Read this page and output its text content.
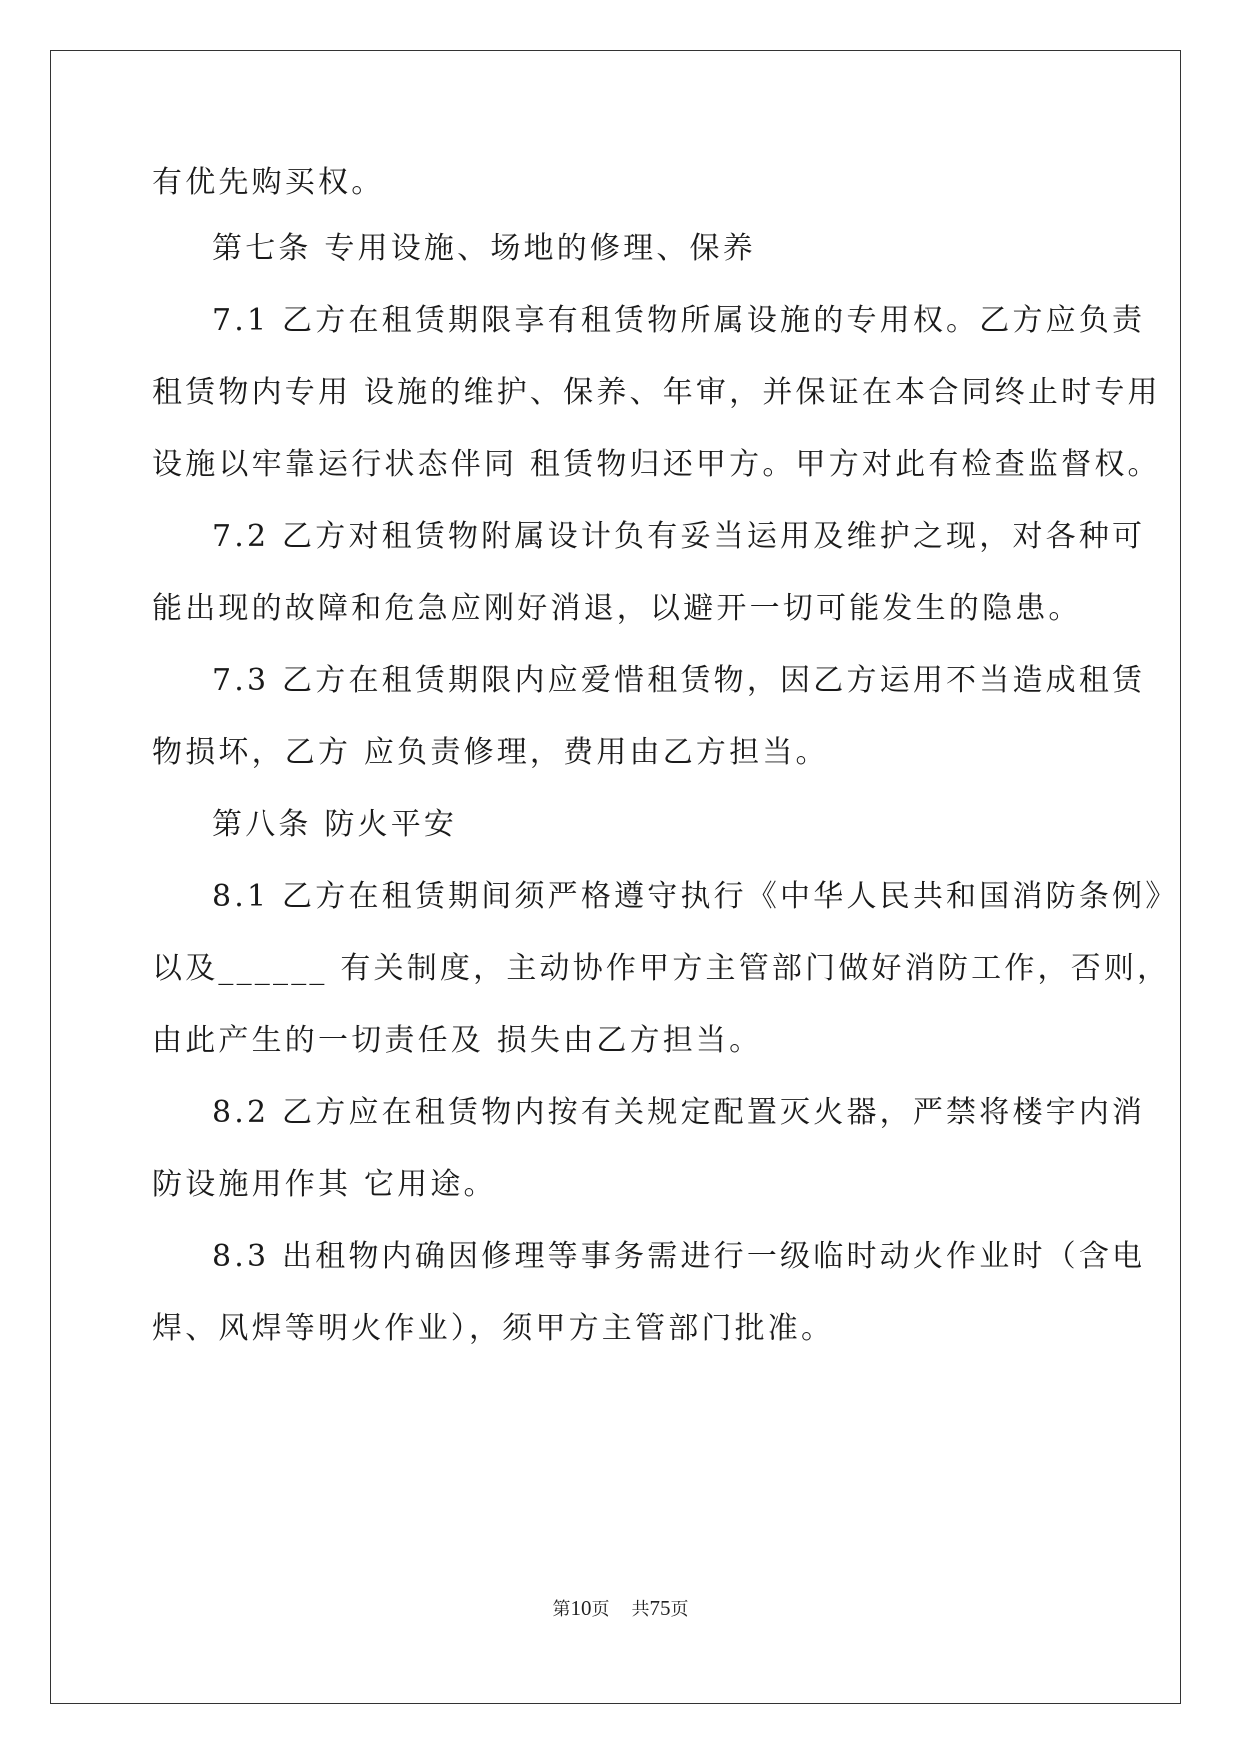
有优先购买权。
第七条 专用设施、场地的修理、保养
7.1 乙方在租赁期限享有租赁物所属设施的专用权。乙方应负责
租赁物内专用 设施的维护、保养、年审，并保证在本合同终止时专用
设施以牢靠运行状态伴同 租赁物归还甲方。甲方对此有检查监督权。
7.2 乙方对租赁物附属设计负有妥当运用及维护之现，对各种可
能出现的故障和危急应刚好消退，以避开一切可能发生的隐患。
7.3 乙方在租赁期限内应爱惜租赁物，因乙方运用不当造成租赁
物损坏，乙方 应负责修理，费用由乙方担当。
第八条 防火平安
8.1 乙方在租赁期间须严格遵守执行《中华人民共和国消防条例》
以及______ 有关制度，主动协作甲方主管部门做好消防工作，否则，
由此产生的一切责任及 损失由乙方担当。
8.2 乙方应在租赁物内按有关规定配置灭火器，严禁将楼宇内消
防设施用作其 它用途。
8.3 出租物内确因修理等事务需进行一级临时动火作业时（含电
焊、风焊等明火作业），须甲方主管部门批准。
第10页 共75页
